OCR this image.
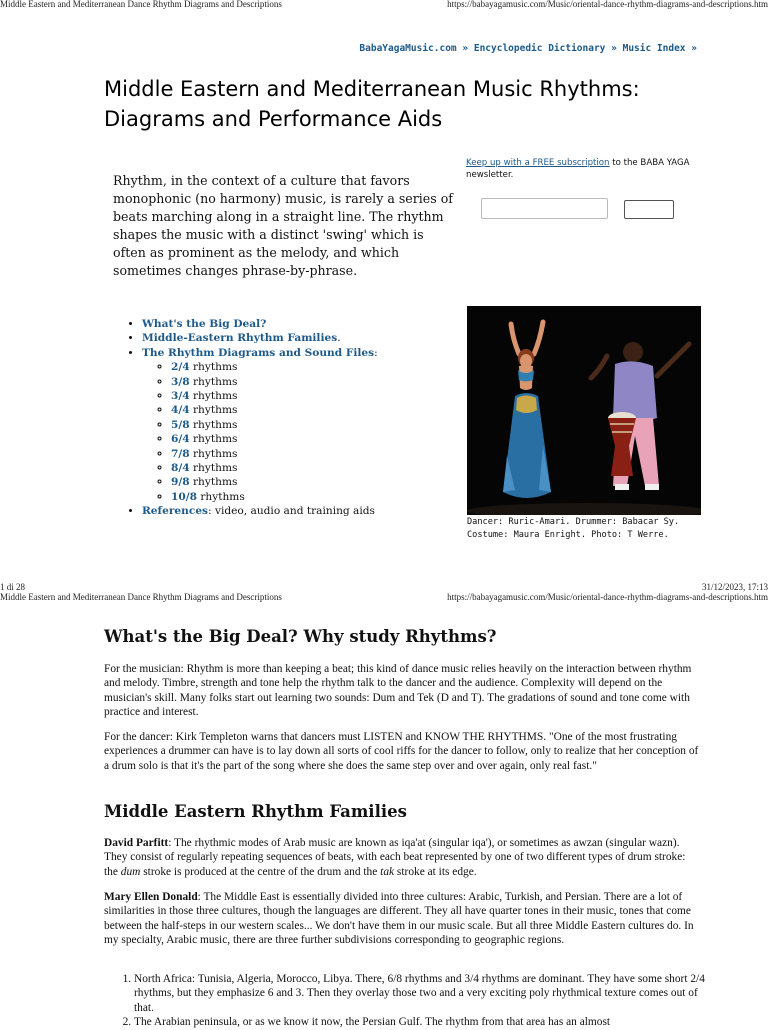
Middle Eastern and Mediterranean Dance Rhythm Diagrams and Descriptions	https://babayagamusic.com/Music/oriental-dance-rhythm-diagrams-and-descriptions.htm
BabaYagaMusic.com » Encyclopedic Dictionary » Music Index »
Middle Eastern and Mediterranean Music Rhythms: Diagrams and Performance Aids

Rhythm, in the context of a culture that favors monophonic (no harmony) music, is rarely a series of beats marching along in a straight line. The rhythm shapes the music with a distinct 'swing' which is often as prominent as the melody, and which sometimes changes phrase-by-phrase.

Keep up with a FREE subscription to the BABA YAGA newsletter.
• What's the Big Deal?
• Middle-Eastern Rhythm Families.
• The Rhythm Diagrams and Sound Files:
◦ 2/4 rhythms
◦ 3/8 rhythms
◦ 3/4 rhythms
◦ 4/4 rhythms
◦ 5/8 rhythms
◦ 6/4 rhythms
◦ 7/8 rhythms
◦ 8/4 rhythms
◦ 9/8 rhythms
◦ 10/8 rhythms
• References: video, audio and training aids

Dancer: Ruric-Amari. Drummer: Babacar Sy. Costume: Maura Enright. Photo: T Werre.

1 di 28	31/12/2023, 17:13
Middle Eastern and Mediterranean Dance Rhythm Diagrams and Descriptions	https://babayagamusic.com/Music/oriental-dance-rhythm-diagrams-and-descriptions.htm
What's the Big Deal? Why study Rhythms?

For the musician: Rhythm is more than keeping a beat; this kind of dance music relies heavily on the interaction between rhythm and melody. Timbre, strength and tone help the rhythm talk to the dancer and the audience. Complexity will depend on the musician's skill. Many folks start out learning two sounds: Dum and Tek (D and T). The gradations of sound and tone come with practice and interest.

For the dancer: Kirk Templeton warns that dancers must LISTEN and KNOW THE RHYTHMS. "One of the most frustrating experiences a drummer can have is to lay down all sorts of cool riffs for the dancer to follow, only to realize that her conception of a drum solo is that it's the part of the song where she does the same step over and over again, only real fast."

Middle Eastern Rhythm Families

David Parfitt: The rhythmic modes of Arab music are known as iqa'at (singular iqa'), or sometimes as awzan (singular wazn). They consist of regularly repeating sequences of beats, with each beat represented by one of two different types of drum stroke: the dum stroke is produced at the centre of the drum and the tak stroke at its edge.

Mary Ellen Donald: The Middle East is essentially divided into three cultures: Arabic, Turkish, and Persian. There are a lot of similarities in those three cultures, though the languages are different. They all have quarter tones in their music, tones that come between the half-steps in our western scales... We don't have them in our music scale. But all three Middle Eastern cultures do. In my specialty, Arabic music, there are three further subdivisions corresponding to geographic regions.

1. North Africa: Tunisia, Algeria, Morocco, Libya. There, 6/8 rhythms and 3/4 rhythms are dominant. They have some short 2/4 rhythms, but they emphasize 6 and 3. Then they overlay those two and a very exciting poly rhythmical texture comes out of that.
2. The Arabian peninsula, or as we know it now, the Persian Gulf. The rhythm from that area has an almost
